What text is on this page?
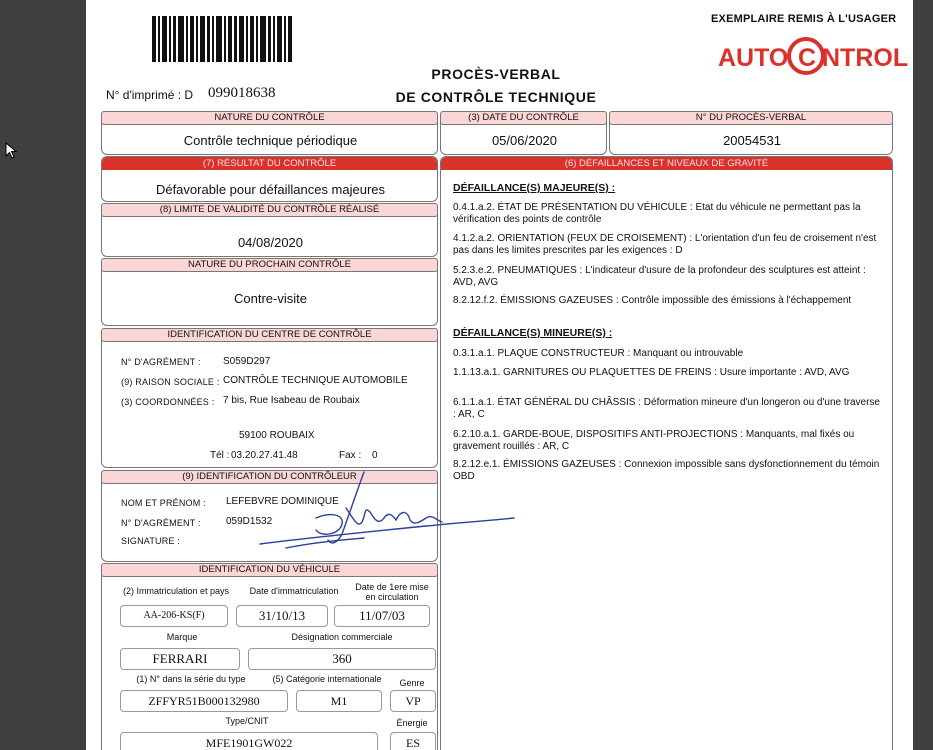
EXEMPLAIRE REMIS À L'USAGER
AUTO C NTROL
PROCÈS-VERBAL
DE CONTRÔLE TECHNIQUE
N° d'imprimé : D 099018638
NATURE DU CONTRÔLE
Contrôle technique périodique
(3) DATE DU CONTRÔLE
05/06/2020
N° DU PROCÈS-VERBAL
20054531
(7) RÉSULTAT DU CONTRÔLE
Défavorable pour défaillances majeures
(8) LIMITE DE VALIDITÉ DU CONTRÔLE RÉALISÉ
04/08/2020
NATURE DU PROCHAIN CONTRÔLE
Contre-visite
IDENTIFICATION DU CENTRE DE CONTRÔLE
N° D'AGRÉMENT : S059D297
(9) RAISON SOCIALE : CONTRÔLE TECHNIQUE AUTOMOBILE
(3) COORDONNÉES : 7 bis, Rue Isabeau de Roubaix
59100 ROUBAIX
Tél : 03.20.27.41.48	Fax : 0
(9) IDENTIFICATION DU CONTRÔLEUR
NOM ET PRÉNOM : LEFEBVRE DOMINIQUE
N° D'AGRÉMENT :	059D1532
SIGNATURE :
IDENTIFICATION DU VÉHICULE
(2) Immatriculation et pays	Date d'immatriculation	Date de 1ere mise
en circulation
AA-206-KS(F)	31/10/13	11/07/03
Marque	Désignation commerciale
FERRARI	360
(1) N° dans la série du type	(5) Catégorie internationale	Genre
ZFFYR51B000132980	M1	VP
Type/CNIT	Énergie
MFE1901GW022	ES
(6) DÉFAILLANCES ET NIVEAUX DE GRAVITÉ
DÉFAILLANCE(S) MAJEURE(S) :

0.4.1.a.2. ÉTAT DE PRÉSENTATION DU VÉHICULE : Etat du véhicule ne permettant pas la vérification des points de contrôle

4.1.2.a.2. ORIENTATION (FEUX DE CROISEMENT) : L'orientation d'un feu de croisement n'est pas dans les limites prescrites par les exigences : D

5.2.3.e.2. PNEUMATIQUES : L'indicateur d'usure de la profondeur des sculptures est atteint : AVD, AVG

8.2.12.f.2. ÉMISSIONS GAZEUSES : Contrôle impossible des émissions à l'échappement

DÉFAILLANCE(S) MINEURE(S) :

0.3.1.a.1. PLAQUE CONSTRUCTEUR : Manquant ou introuvable

1.1.13.a.1. GARNITURES OU PLAQUETTES DE FREINS : Usure importante : AVD, AVG

6.1.1.a.1. ÉTAT GÉNÉRAL DU CHÂSSIS : Déformation mineure d'un longeron ou d'une traverse : AR, C

6.2.10.a.1. GARDE-BOUE, DISPOSITIFS ANTI-PROJECTIONS : Manquants, mal fixés ou gravement rouillés : AR, C

8.2.12.e.1. ÉMISSIONS GAZEUSES : Connexion impossible sans dysfonctionnement du témoin OBD
